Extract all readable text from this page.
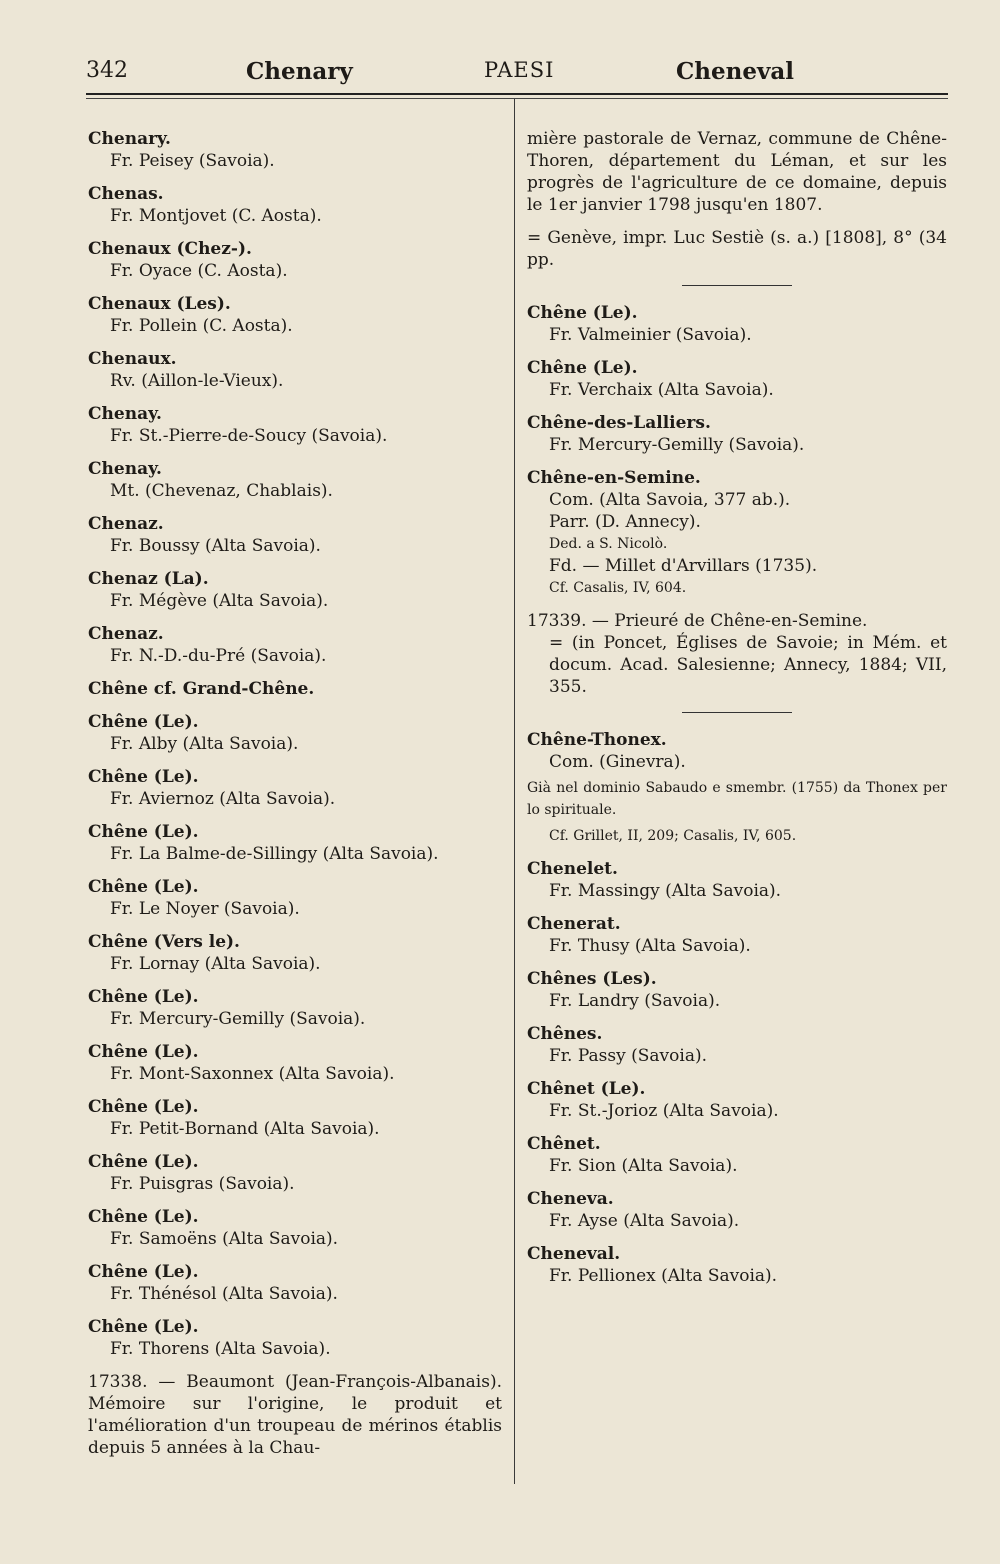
342	Chenary	PAESI	Cheneval
Chenary.
Fr. Peisey (Savoia).
Chenas.
Fr. Montjovet (C. Aosta).
Chenaux (Chez-).
Fr. Oyace (C. Aosta).
Chenaux (Les).
Fr. Pollein (C. Aosta).
Chenaux.
Rv. (Aillon-le-Vieux).
Chenay.
Fr. St.-Pierre-de-Soucy (Savoia).
Chenay.
Mt. (Chevenaz, Chablais).
Chenaz.
Fr. Boussy (Alta Savoia).
Chenaz (La).
Fr. Mégève (Alta Savoia).
Chenaz.
Fr. N.-D.-du-Pré (Savoia).
Chêne cf. Grand-Chêne.
Chêne (Le).
Fr. Alby (Alta Savoia).
Chêne (Le).
Fr. Aviernoz (Alta Savoia).
Chêne (Le).
Fr. La Balme-de-Sillingy (Alta Savoia).
Chêne (Le).
Fr. Le Noyer (Savoia).
Chêne (Vers le).
Fr. Lornay (Alta Savoia).
Chêne (Le).
Fr. Mercury-Gemilly (Savoia).
Chêne (Le).
Fr. Mont-Saxonnex (Alta Savoia).
Chêne (Le).
Fr. Petit-Bornand (Alta Savoia).
Chêne (Le).
Fr. Puisgras (Savoia).
Chêne (Le).
Fr. Samoëns (Alta Savoia).
Chêne (Le).
Fr. Thénésol (Alta Savoia).
Chêne (Le).
Fr. Thorens (Alta Savoia).
17338. — Beaumont (Jean-François-Albanais). Mémoire sur l'origine, le produit et l'amélioration d'un troupeau de mérinos établis depuis 5 années à la Chau-
mière pastorale de Vernaz, commune de Chêne-Thoren, département du Léman, et sur les progrès de l'agriculture de ce domaine, depuis le 1er janvier 1798 jusqu'en 1807.
= Genève, impr. Luc Sestiè (s. a.) [1808], 8° (34 pp.
Chêne (Le).
Fr. Valmeinier (Savoia).
Chêne (Le).
Fr. Verchaix (Alta Savoia).
Chêne-des-Lalliers.
Fr. Mercury-Gemilly (Savoia).
Chêne-en-Semine.
Com. (Alta Savoia, 377 ab.).
Parr. (D. Annecy).
Ded. a S. Nicolò.
Fd. — Millet d'Arvillars (1735).
Cf. Casalis, IV, 604.
17339. — Prieuré de Chêne-en-Semine.
= (in Poncet, Églises de Savoie; in Mém. et docum. Acad. Salesienne; Annecy, 1884; VII, 355.
Chêne-Thonex.
Com. (Ginevra).
Già nel dominio Sabaudo e smembr. (1755) da Thonex per lo spirituale.
Cf. Grillet, II, 209; Casalis, IV, 605.
Chenelet.
Fr. Massingy (Alta Savoia).
Chenerat.
Fr. Thusy (Alta Savoia).
Chênes (Les).
Fr. Landry (Savoia).
Chênes.
Fr. Passy (Savoia).
Chênet (Le).
Fr. St.-Jorioz (Alta Savoia).
Chênet.
Fr. Sion (Alta Savoia).
Cheneva.
Fr. Ayse (Alta Savoia).
Cheneval.
Fr. Pellionex (Alta Savoia).
